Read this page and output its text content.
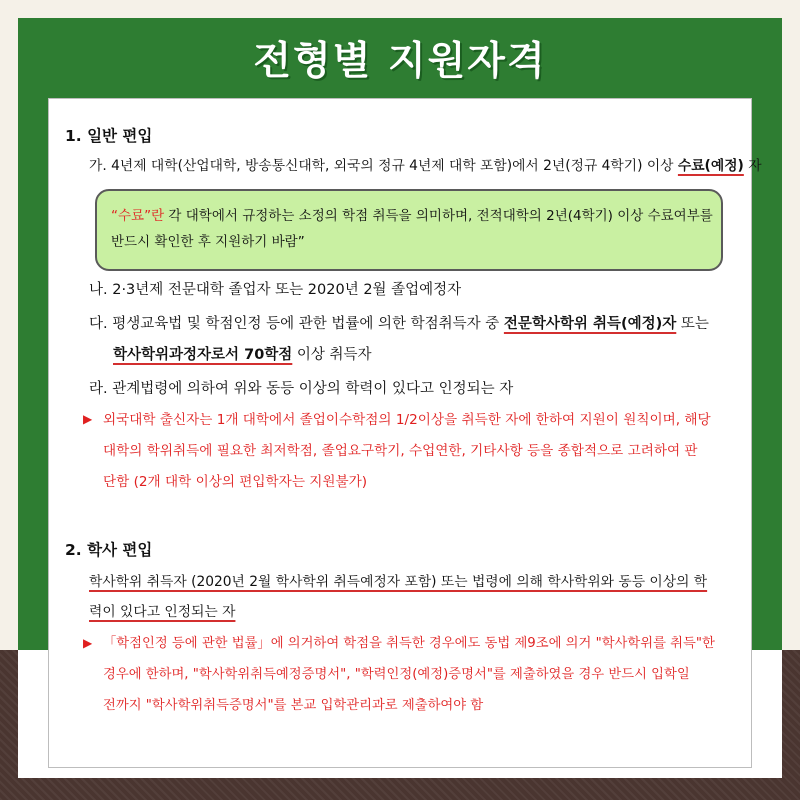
전형별 지원자격
1. 일반 편입
가. 4년제 대학(산업대학, 방송통신대학, 외국의 정규 4년제 대학 포함)에서 2년(정규 4학기) 이상 수료(예정) 자
“수료”란 각 대학에서 규정하는 소정의 학점 취득을 의미하며, 전적대학의 2년(4학기) 이상 수료여부를
반드시 확인한 후 지원하기 바람”
나. 2·3년제 전문대학 졸업자 또는 2020년 2월 졸업예정자
다. 평생교육법 및 학점인정 등에 관한 법률에 의한 학점취득자 중 전문학사학위 취득(예정)자 또는
학사학위과정자로서 70학점 이상 취득자
라. 관계법령에 의하여 위와 동등 이상의 학력이 있다고 인정되는 자
▶ 외국대학 출신자는 1개 대학에서 졸업이수학점의 1/2이상을 취득한 자에 한하여 지원이 원칙이며, 해당
대학의 학위취득에 필요한 최저학점, 졸업요구학기, 수업연한, 기타사항 등을 종합적으로 고려하여 판
단함 (2개 대학 이상의 편입학자는 지원불가)
2. 학사 편입
학사학위 취득자 (2020년 2월 학사학위 취득예정자 포함) 또는 법령에 의해 학사학위와 동등 이상의 학
력이 있다고 인정되는 자
▶ 「학점인정 등에 관한 법률」에 의거하여 학점을 취득한 경우에도 동법 제9조에 의거 "학사학위를 취득"한
경우에 한하며, "학사학위취득예정증명서", "학력인정(예정)증명서"를 제출하였을 경우 반드시 입학일
전까지 "학사학위취득증명서"를 본교 입학관리과로 제출하여야 함
